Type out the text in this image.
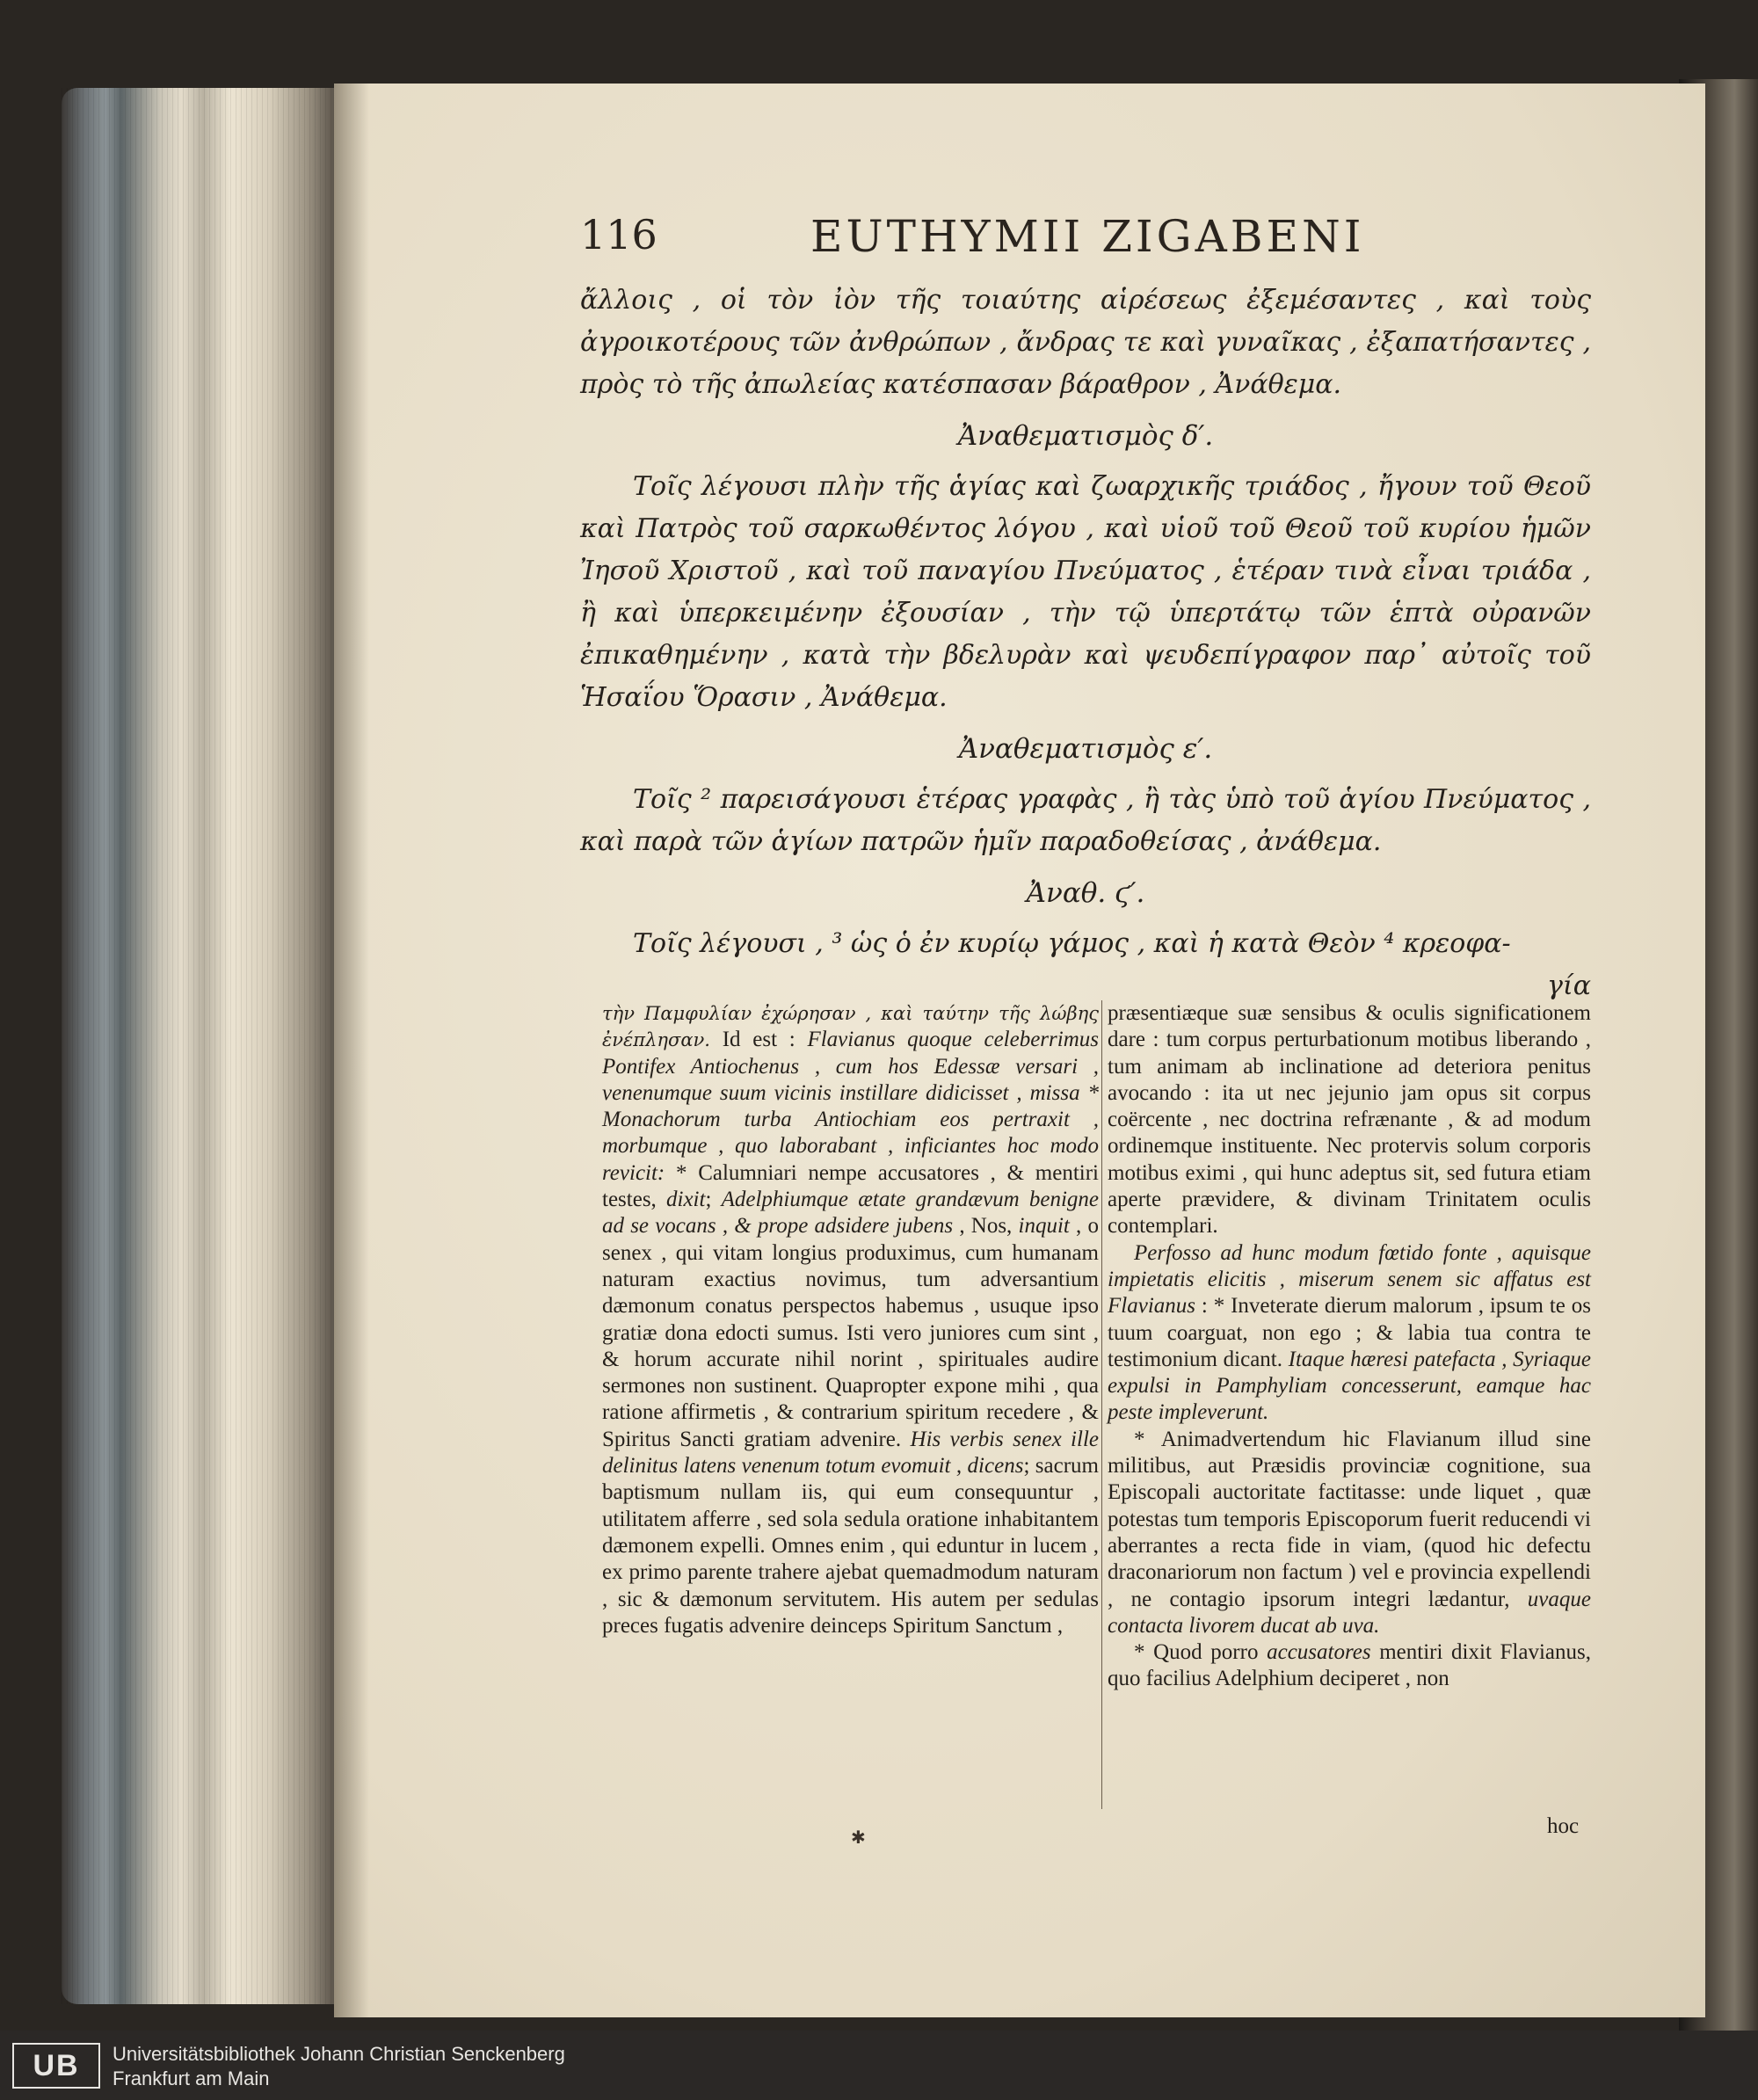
116	EUTHYMII ZIGABENI

ἄλλοις , οἱ τὸν ἰὸν τῆς τοιαύτης αἱρέσεως ἐξεμέσαντες , καὶ τοὺς ἀγροικοτέρους τῶν ἀνθρώπων , ἄνδρας τε καὶ γυναῖκας , ἐξαπατήσαντες , πρὸς τὸ τῆς ἀπωλείας κατέσπασαν βάραθρον , Ἀνάθεμα.

Ἀναθεματισμὸς δ′.

Τοῖς λέγουσι πλὴν τῆς ἁγίας καὶ ζωαρχικῆς τριάδος , ἤγουν τοῦ Θεοῦ καὶ Πατρὸς τοῦ σαρκωθέντος λόγου , καὶ υἱοῦ τοῦ Θεοῦ τοῦ κυρίου ἡμῶν Ἰησοῦ Χριστοῦ , καὶ τοῦ παναγίου Πνεύματος , ἑτέραν τινὰ εἶναι τριάδα , ἢ καὶ ὑπερκειμένην ἐξουσίαν , τὴν τῷ ὑπερτάτῳ τῶν ἑπτὰ οὐρανῶν ἐπικαθημένην , κατὰ τὴν βδελυρὰν καὶ ψευδεπίγραφον παρ᾽ αὐτοῖς τοῦ Ἡσαΐου Ὅρασιν , Ἀνάθεμα.

Ἀναθεματισμὸς ε′.

Τοῖς ² παρεισάγουσι ἑτέρας γραφὰς , ἢ τὰς ὑπὸ τοῦ ἁγίου Πνεύματος , καὶ παρὰ τῶν ἁγίων πατρῶν ἡμῖν παραδοθείσας , ἀνάθεμα.

Ἀναθ. ϛ′.

Τοῖς λέγουσι , ³ ὡς ὁ ἐν κυρίῳ γάμος , καὶ ἡ κατὰ Θεὸν ⁴ κρεοφα-

γία

τὴν Παμφυλίαν ἐχώρησαν , καὶ ταύτην τῆς λώβης ἐνέπλησαν. Id est : Flavianus quoque celeberrimus Pontifex Antiochenus , cum hos Edessæ versari , venenumque suum vicinis instillare didicisset , missa * Monachorum turba Antiochiam eos pertraxit , morbumque , quo laborabant , inficiantes hoc modo revicit: * Calumniari nempe accusatores , & mentiri testes, dixit; Adelphiumque ætate grandævum benigne ad se vocans , & prope adsidere jubens , Nos, inquit , o senex , qui vitam longius produximus, cum humanam naturam exactius novimus, tum adversantium dæmonum conatus perspectos habemus , usuque ipso gratiæ dona edocti sumus. Isti vero juniores cum sint , & horum accurate nihil norint , spirituales audire sermones non sustinent. Quapropter expone mihi , qua ratione affirmetis , & contrarium spiritum recedere , & Spiritus Sancti gratiam advenire. His verbis senex ille delinitus latens venenum totum evomuit , dicens; sacrum baptismum nullam iis, qui eum consequuntur , utilitatem afferre , sed sola sedula oratione inhabitantem dæmonem expelli. Omnes enim , qui eduntur in lucem , ex primo parente trahere ajebat quemadmodum naturam , sic & dæmonum servitutem. His autem per sedulas preces fugatis advenire deinceps Spiritum Sanctum ,

præsentiæque suæ sensibus & oculis significationem dare : tum corpus perturbationum motibus liberando , tum animam ab inclinatione ad deteriora penitus avocando : ita ut nec jejunio jam opus sit corpus coërcente , nec doctrina refrænante , & ad modum ordinemque instituente. Nec protervis solum corporis motibus eximi , qui hunc adeptus sit, sed futura etiam aperte prævidere, & divinam Trinitatem oculis contemplari.

Perfosso ad hunc modum fœtido fonte , aquisque impietatis elicitis , miserum senem sic affatus est Flavianus : * Inveterate dierum malorum , ipsum te os tuum coarguat, non ego ; & labia tua contra te testimonium dicant. Itaque hæresi patefacta , Syriaque expulsi in Pamphyliam concesserunt, eamque hac peste impleverunt.

* Animadvertendum hic Flavianum illud sine militibus, aut Præsidis provinciæ cognitione, sua Episcopali auctoritate factitasse: unde liquet , quæ potestas tum temporis Episcoporum fuerit reducendi vi aberrantes a recta fide in viam, (quod hic defectu draconariorum non factum ) vel e provincia expellendi , ne contagio ipsorum integri lædantur, uvaque contacta livorem ducat ab uva.

* Quod porro accusatores mentiri dixit Flavianus, quo facilius Adelphium deciperet , non

hoc
✱
UB	Universitätsbibliothek Johann Christian Senckenberg
Frankfurt am Main
